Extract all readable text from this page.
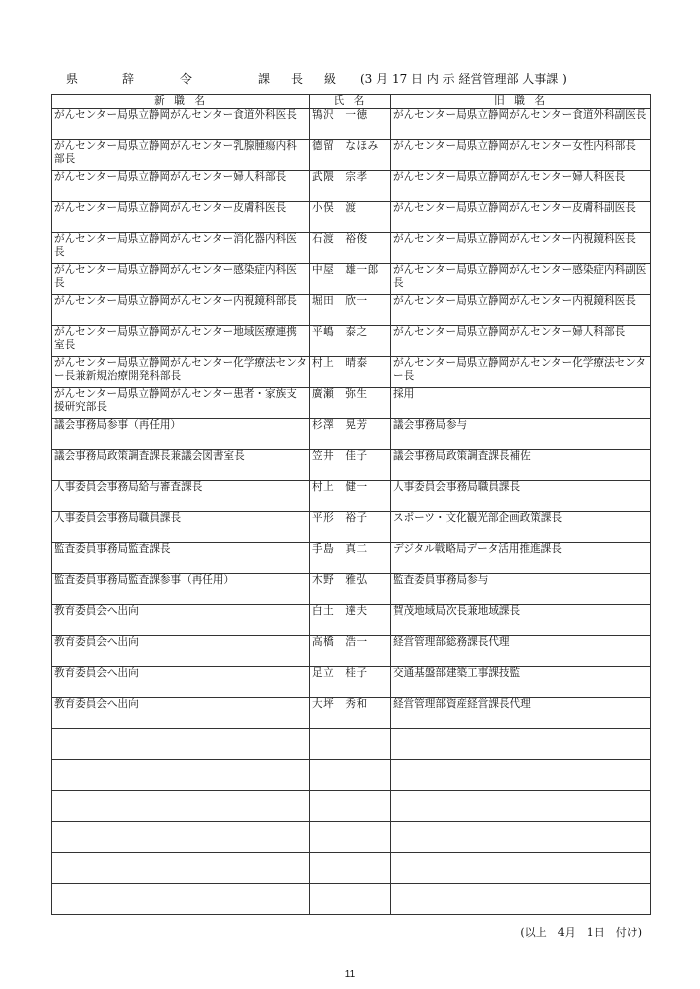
県	辞	令	課 長 級 (3 月 17 日 内 示 経営管理部 人事課 )
新職名	氏名	旧職名
がんセンター局県立静岡がんセンター食道外科医長	鴇沢　一徳	がんセンター局県立静岡がんセンター食道外科副医長
がんセンター局県立静岡がんセンター乳腺腫瘍内科部長	德留　なほみ	がんセンター局県立静岡がんセンター女性内科部長
がんセンター局県立静岡がんセンター婦人科部長	武隈　宗孝	がんセンター局県立静岡がんセンター婦人科医長
がんセンター局県立静岡がんセンター皮膚科医長	小俣　渡	がんセンター局県立静岡がんセンター皮膚科副医長
がんセンター局県立静岡がんセンター消化器内科医長	石渡　裕俊	がんセンター局県立静岡がんセンター内視鏡科医長
がんセンター局県立静岡がんセンター感染症内科医長	中屋　雄一郎	がんセンター局県立静岡がんセンター感染症内科副医長
がんセンター局県立静岡がんセンター内視鏡科部長	堀田　欣一	がんセンター局県立静岡がんセンター内視鏡科医長
がんセンター局県立静岡がんセンター地域医療連携室長	平嶋　泰之	がんセンター局県立静岡がんセンター婦人科部長
がんセンター局県立静岡がんセンター化学療法センター長兼新規治療開発科部長	村上　晴泰	がんセンター局県立静岡がんセンター化学療法センター長
がんセンター局県立静岡がんセンター患者・家族支援研究部長	廣瀬　弥生	採用
議会事務局参事（再任用）	杉澤　晃芳	議会事務局参与
議会事務局政策調査課長兼議会図書室長	笠井　佳子	議会事務局政策調査課長補佐
人事委員会事務局給与審査課長	村上　健一	人事委員会事務局職員課長
人事委員会事務局職員課長	平形　裕子	スポーツ・文化観光部企画政策課長
監査委員事務局監査課長	手島　真二	デジタル戦略局データ活用推進課長
監査委員事務局監査課参事（再任用）	木野　雅弘	監査委員事務局参与
教育委員会へ出向	白土　達夫	賀茂地域局次長兼地域課長
教育委員会へ出向	高橋　浩一	経営管理部総務課長代理
教育委員会へ出向	足立　桂子	交通基盤部建築工事課技監
教育委員会へ出向	大坪　秀和	経営管理部資産経営課長代理

(以上　4月　1日　付け)
11
